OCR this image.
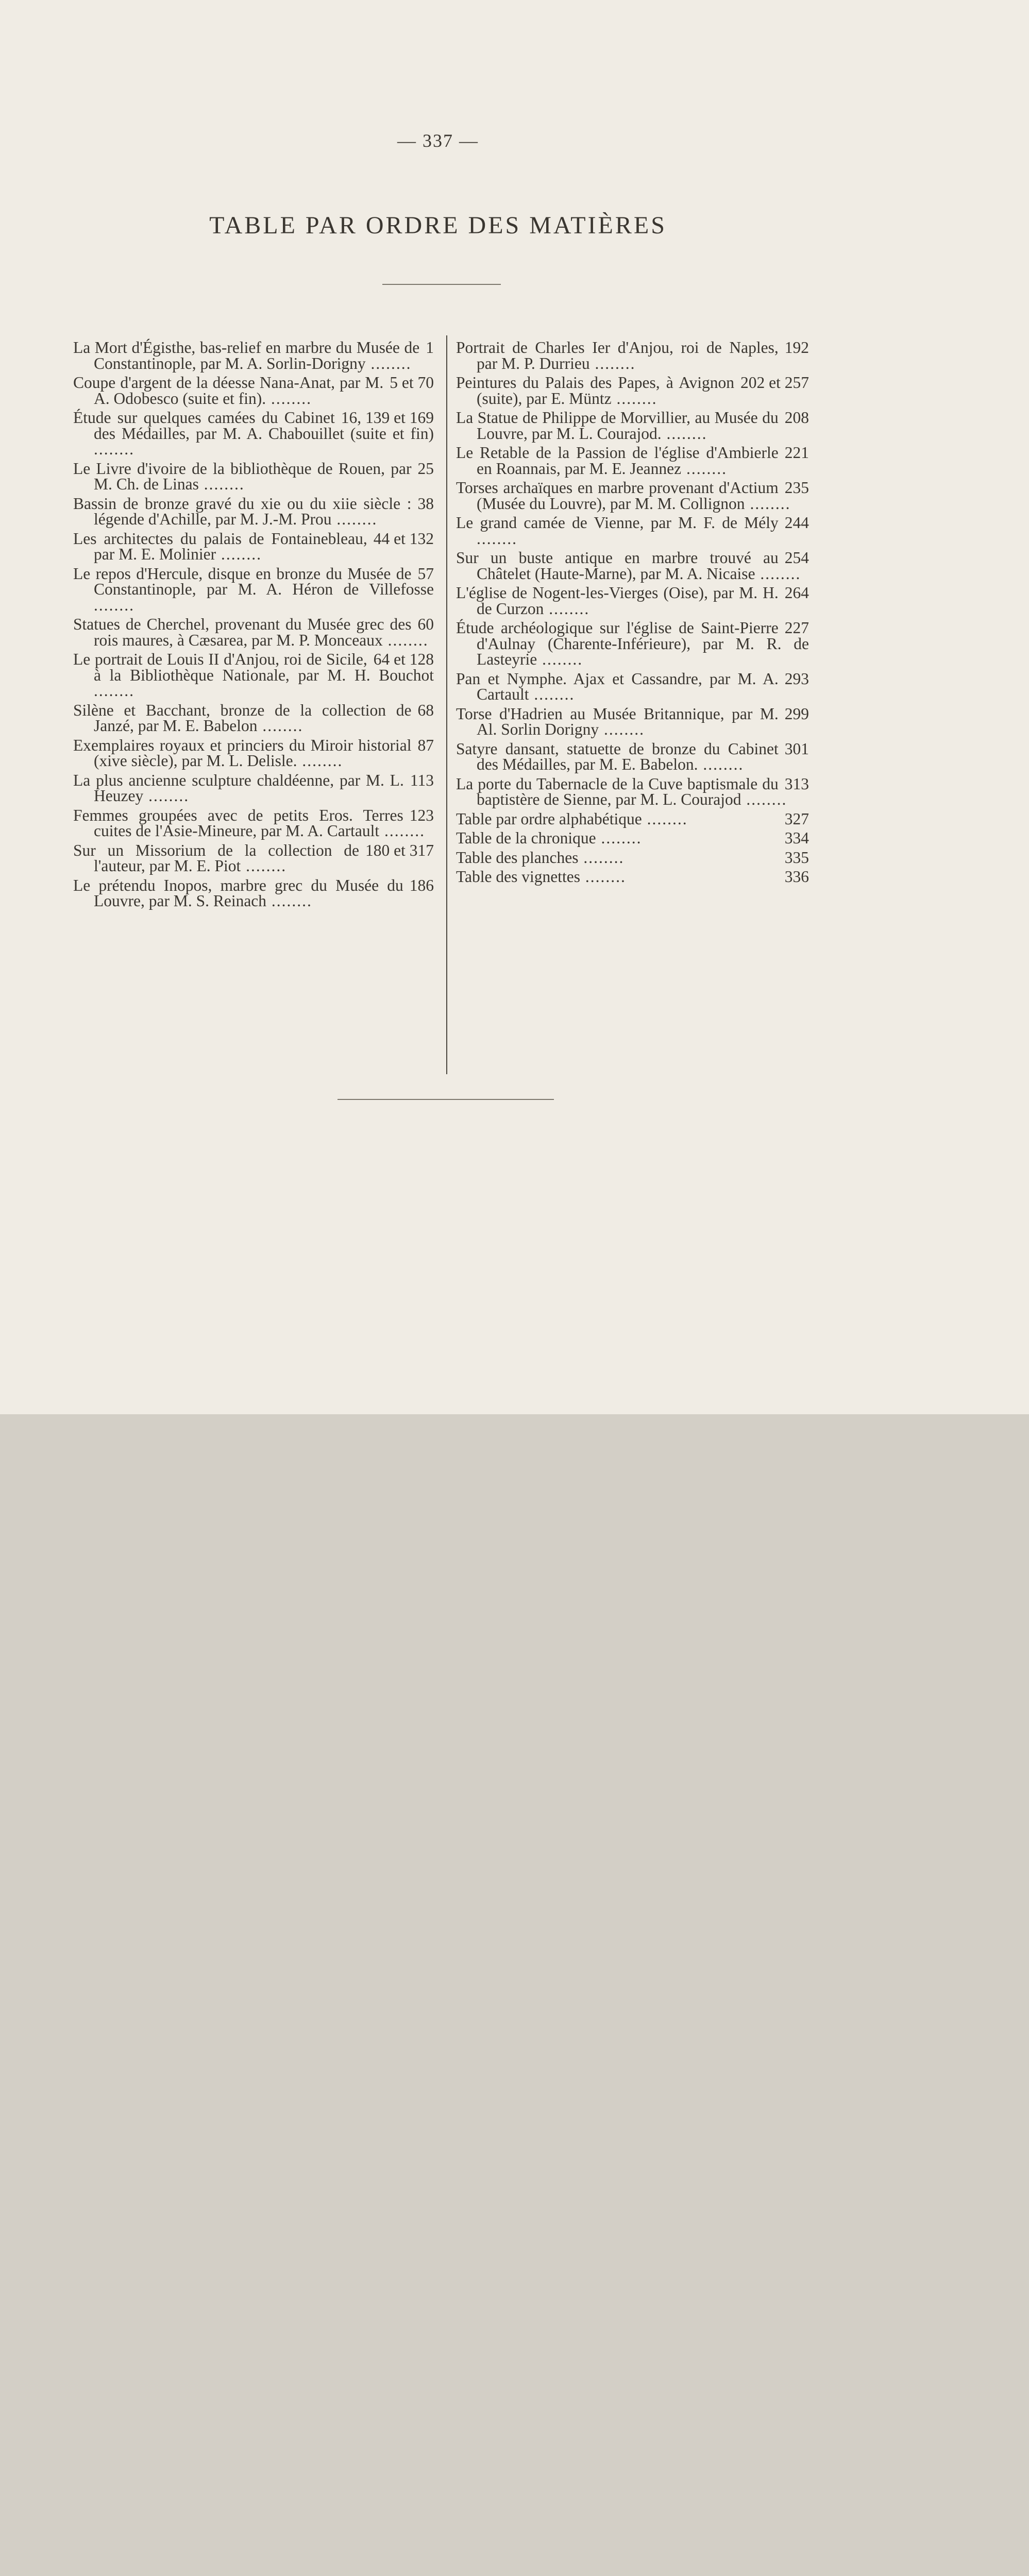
— 337 —
TABLE PAR ORDRE DES MATIÈRES
1
La Mort d'Égisthe, bas-relief en marbre du Musée de Constantinople, par M. A. Sorlin-Dorigny ........
5 et 70
Coupe d'argent de la déesse Nana-Anat, par M. A. Odobesco (suite et fin). ........
16, 139 et 169
Étude sur quelques camées du Cabinet des Médailles, par M. A. Chabouillet (suite et fin) ........
25
Le Livre d'ivoire de la bibliothèque de Rouen, par M. Ch. de Linas ........
38
Bassin de bronze gravé du xie ou du xiie siècle : légende d'Achille, par M. J.-M. Prou ........
44 et 132
Les architectes du palais de Fontainebleau, par M. E. Molinier ........
57
Le repos d'Hercule, disque en bronze du Musée de Constantinople, par M. A. Héron de Villefosse ........
60
Statues de Cherchel, provenant du Musée grec des rois maures, à Cæsarea, par M. P. Monceaux ........
64 et 128
Le portrait de Louis II d'Anjou, roi de Sicile, à la Bibliothèque Nationale, par M. H. Bouchot ........
68
Silène et Bacchant, bronze de la collection de Janzé, par M. E. Babelon ........
87
Exemplaires royaux et princiers du Miroir historial (xive siècle), par M. L. Delisle. ........
113
La plus ancienne sculpture chaldéenne, par M. L. Heuzey ........
123
Femmes groupées avec de petits Eros. Terres cuites de l'Asie-Mineure, par M. A. Cartault ........
180 et 317
Sur un Missorium de la collection de l'auteur, par M. E. Piot ........
186
Le prétendu Inopos, marbre grec du Musée du Louvre, par M. S. Reinach ........
192
Portrait de Charles Ier d'Anjou, roi de Naples, par M. P. Durrieu ........
202 et 257
Peintures du Palais des Papes, à Avignon (suite), par E. Müntz ........
208
La Statue de Philippe de Morvillier, au Musée du Louvre, par M. L. Courajod. ........
221
Le Retable de la Passion de l'église d'Ambierle en Roannais, par M. E. Jeannez ........
235
Torses archaïques en marbre provenant d'Actium (Musée du Louvre), par M. M. Collignon ........
244
Le grand camée de Vienne, par M. F. de Mély ........
254
Sur un buste antique en marbre trouvé au Châtelet (Haute-Marne), par M. A. Nicaise ........
264
L'église de Nogent-les-Vierges (Oise), par M. H. de Curzon ........
227
Étude archéologique sur l'église de Saint-Pierre d'Aulnay (Charente-Inférieure), par M. R. de Lasteyrie ........
293
Pan et Nymphe. Ajax et Cassandre, par M. A. Cartault ........
299
Torse d'Hadrien au Musée Britannique, par M. Al. Sorlin Dorigny ........
301
Satyre dansant, statuette de bronze du Cabinet des Médailles, par M. E. Babelon. ........
313
La porte du Tabernacle de la Cuve baptismale du baptistère de Sienne, par M. L. Courajod ........
327
Table par ordre alphabétique ........
334
Table de la chronique ........
335
Table des planches ........
336
Table des vignettes ........
